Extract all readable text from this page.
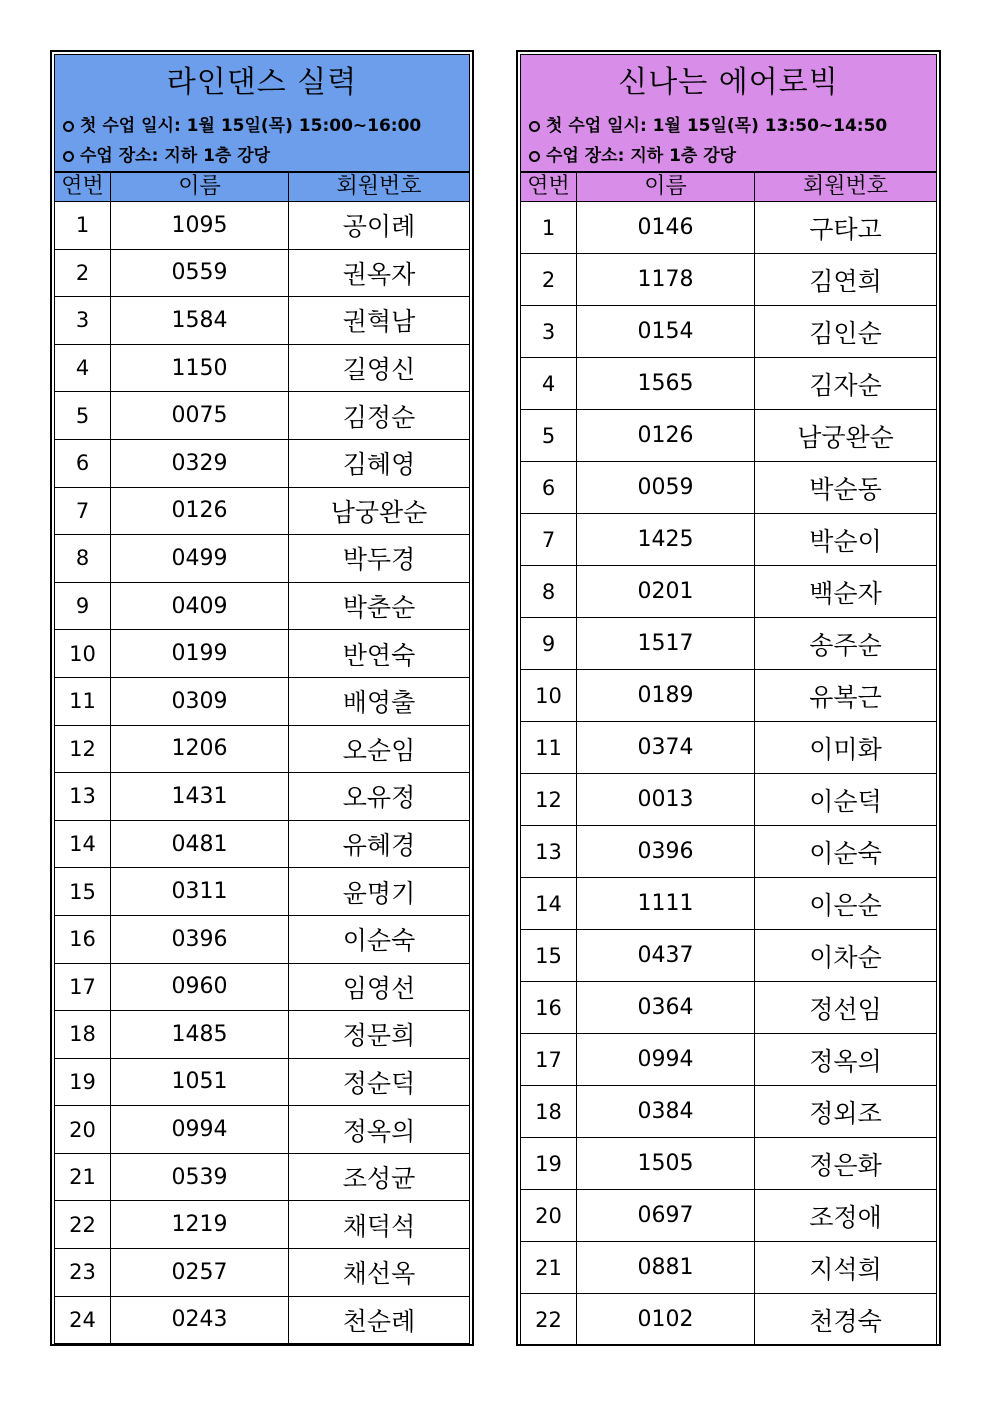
라인댄스 실력
첫 수업 일시: 1월 15일(목) 15:00~16:00
수업 장소: 지하 1층 강당
연번	이름	회원번호
1	1095	공이례
2	0559	권옥자
3	1584	권혁남
4	1150	길영신
5	0075	김정순
6	0329	김혜영
7	0126	남궁완순
8	0499	박두경
9	0409	박춘순
10	0199	반연숙
11	0309	배영출
12	1206	오순임
13	1431	오유정
14	0481	유혜경
15	0311	윤명기
16	0396	이순숙
17	0960	임영선
18	1485	정문희
19	1051	정순덕
20	0994	정옥의
21	0539	조성균
22	1219	채덕석
23	0257	채선옥
24	0243	천순례
신나는 에어로빅
첫 수업 일시: 1월 15일(목) 13:50~14:50
수업 장소: 지하 1층 강당
연번	이름	회원번호
1	0146	구타고
2	1178	김연희
3	0154	김인순
4	1565	김자순
5	0126	남궁완순
6	0059	박순동
7	1425	박순이
8	0201	백순자
9	1517	송주순
10	0189	유복근
11	0374	이미화
12	0013	이순덕
13	0396	이순숙
14	1111	이은순
15	0437	이차순
16	0364	정선임
17	0994	정옥의
18	0384	정외조
19	1505	정은화
20	0697	조정애
21	0881	지석희
22	0102	천경숙
